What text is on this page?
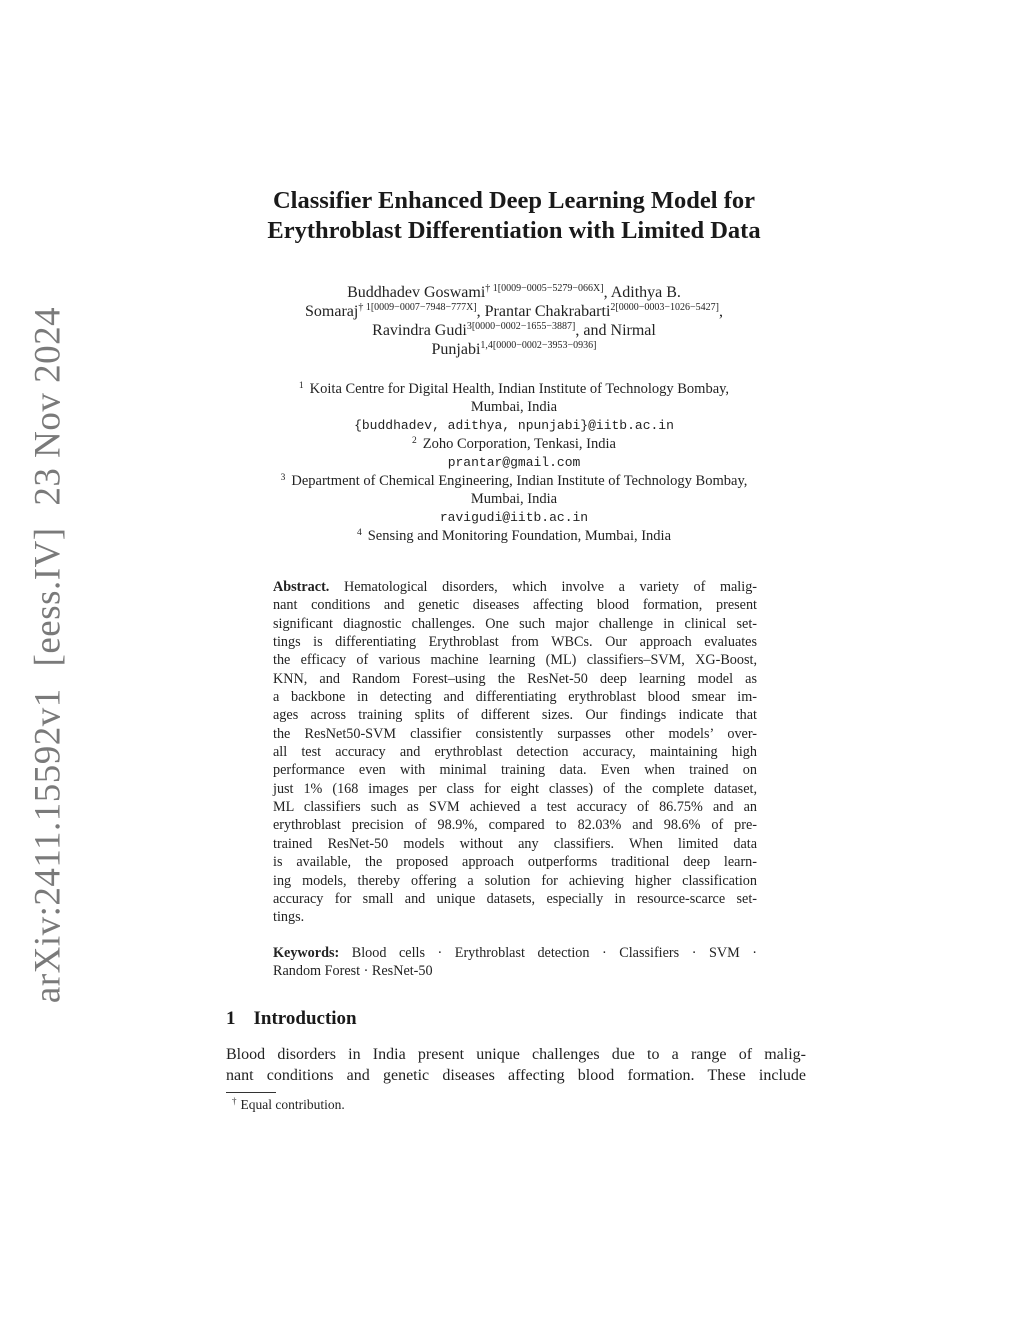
arXiv:2411.15592v1 [eess.IV] 23 Nov 2024
Classifier Enhanced Deep Learning Model for
Erythroblast Differentiation with Limited Data
Buddhadev Goswami$^{\dagger 1[0009-0005-5279-066X]}$, Adithya B.
Somaraj$^{\dagger 1[0009-0007-7948-777X]}$, Prantar Chakrabarti$^{2[0000-0003-1026-5427]}$,
Ravindra Gudi$^{3[0000-0002-1655-3887]}$, and Nirmal
Punjabi$^{1,4[0000-0002-3953-0936]}$
$^1$ Koita Centre for Digital Health, Indian Institute of Technology Bombay,
Mumbai, India
{buddhadev, adithya, npunjabi}@iitb.ac.in
$^2$ Zoho Corporation, Tenkasi, India
prantar@gmail.com
$^3$ Department of Chemical Engineering, Indian Institute of Technology Bombay,
Mumbai, India
ravigudi@iitb.ac.in
$^4$ Sensing and Monitoring Foundation, Mumbai, India
Abstract. Hematological disorders, which involve a variety of malig-
nant conditions and genetic diseases affecting blood formation, present
significant diagnostic challenges. One such major challenge in clinical set-
tings is differentiating Erythroblast from WBCs. Our approach evaluates
the efficacy of various machine learning (ML) classifiers–SVM, XG-Boost,
KNN, and Random Forest–using the ResNet-50 deep learning model as
a backbone in detecting and differentiating erythroblast blood smear im-
ages across training splits of different sizes. Our findings indicate that
the ResNet50-SVM classifier consistently surpasses other models’ over-
all test accuracy and erythroblast detection accuracy, maintaining high
performance even with minimal training data. Even when trained on
just 1% (168 images per class for eight classes) of the complete dataset,
ML classifiers such as SVM achieved a test accuracy of 86.75% and an
erythroblast precision of 98.9%, compared to 82.03% and 98.6% of pre-
trained ResNet-50 models without any classifiers. When limited data
is available, the proposed approach outperforms traditional deep learn-
ing models, thereby offering a solution for achieving higher classification
accuracy for small and unique datasets, especially in resource-scarce set-
tings.
Keywords: Blood cells · Erythroblast detection · Classifiers · SVM ·
Random Forest · ResNet-50
1 Introduction
Blood disorders in India present unique challenges due to a range of malig-
nant conditions and genetic diseases affecting blood formation. These include
† Equal contribution.
